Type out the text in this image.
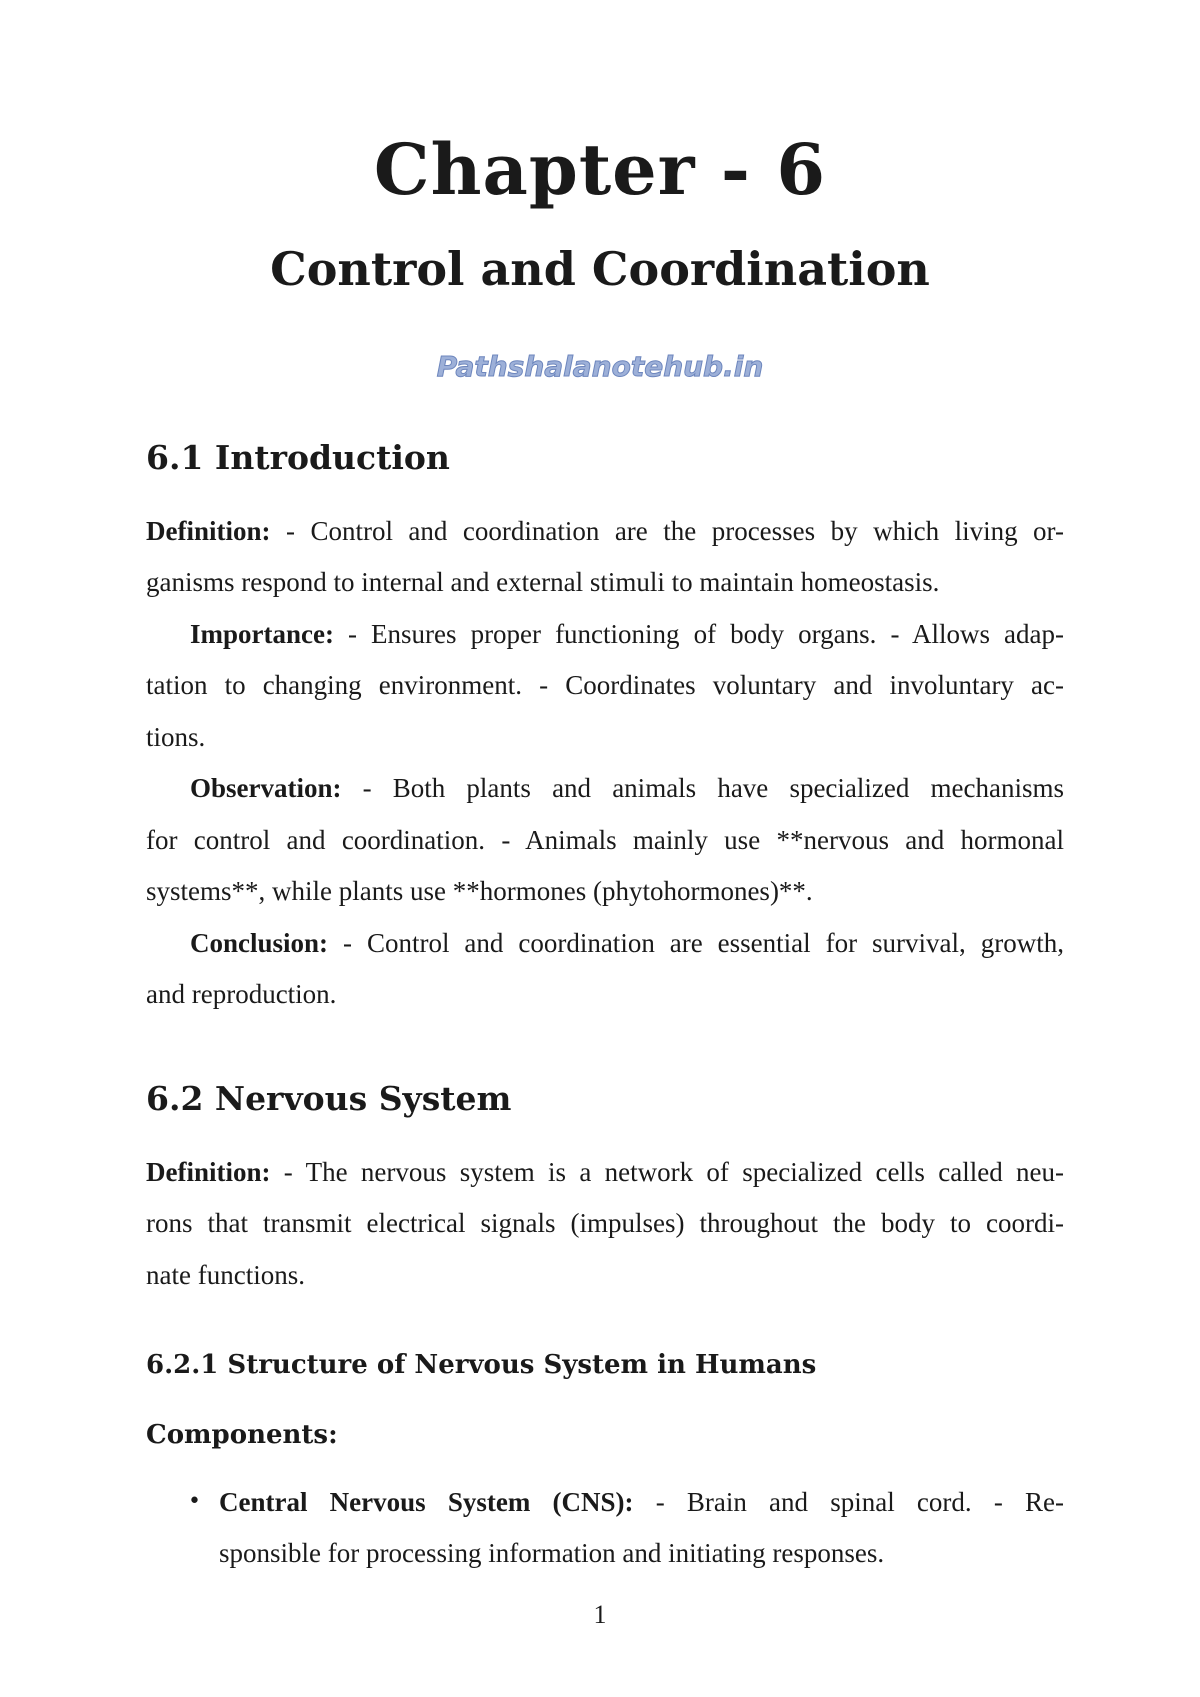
Chapter - 6
Control and Coordination
Pathshalanotehub.in
6.1 Introduction
Definition: - Control and coordination are the processes by which living or-
ganisms respond to internal and external stimuli to maintain homeostasis.
Importance: - Ensures proper functioning of body organs. - Allows adap-
tation to changing environment. - Coordinates voluntary and involuntary ac-
tions.
Observation: - Both plants and animals have specialized mechanisms
for control and coordination. - Animals mainly use **nervous and hormonal
systems**, while plants use **hormones (phytohormones)**.
Conclusion: - Control and coordination are essential for survival, growth,
and reproduction.
6.2 Nervous System
Definition: - The nervous system is a network of specialized cells called neu-
rons that transmit electrical signals (impulses) throughout the body to coordi-
nate functions.
6.2.1 Structure of Nervous System in Humans
Components:
• Central Nervous System (CNS): - Brain and spinal cord. - Re-
sponsible for processing information and initiating responses.
1
